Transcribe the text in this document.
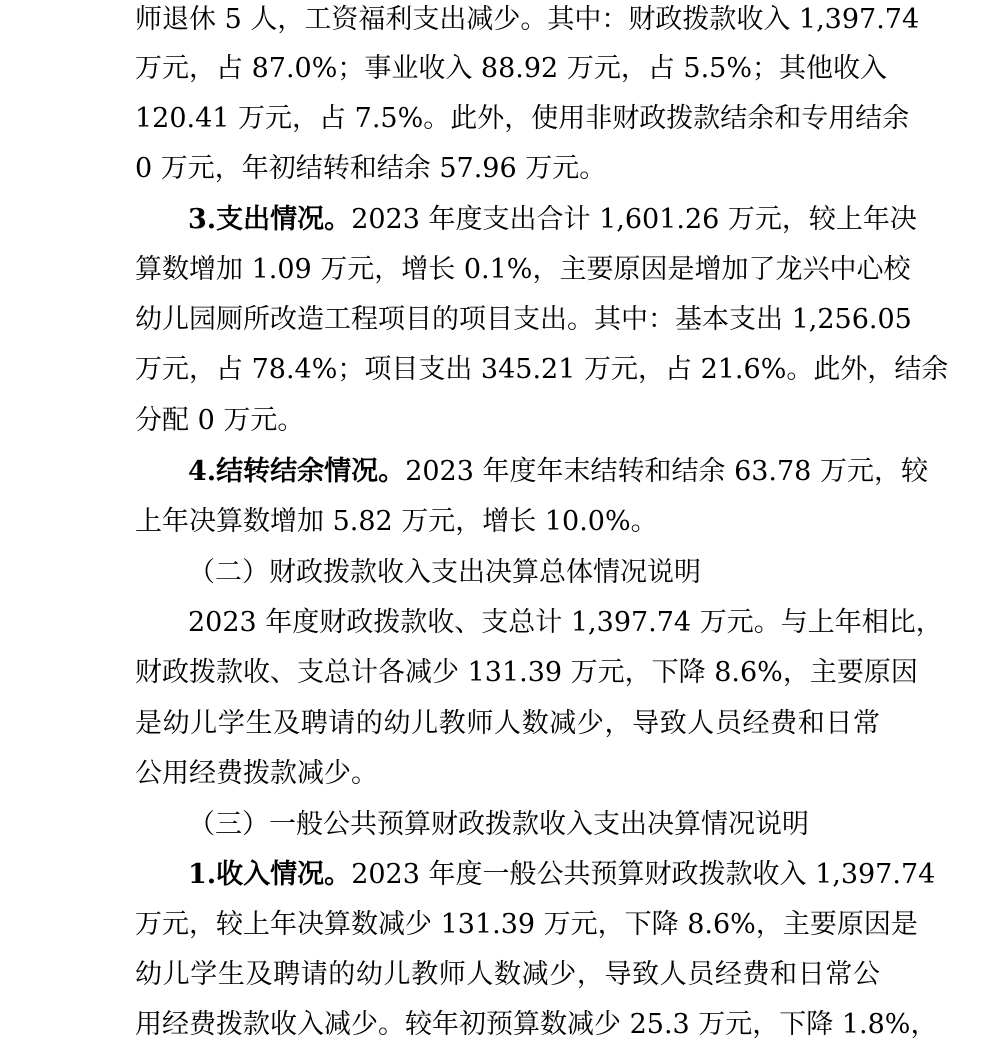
师退休 5 人，工资福利支出减少。其中：财政拨款收入 1,397.74
万元，占 87.0%；事业收入 88.92 万元，占 5.5%；其他收入
120.41 万元，占 7.5%。此外，使用非财政拨款结余和专用结余
0 万元，年初结转和结余 57.96 万元。
3.支出情况。2023 年度支出合计 1,601.26 万元，较上年决
算数增加 1.09 万元，增长 0.1%，主要原因是增加了龙兴中心校
幼儿园厕所改造工程项目的项目支出。其中：基本支出 1,256.05
万元，占 78.4%；项目支出 345.21 万元，占 21.6%。此外，结余
分配 0 万元。
4.结转结余情况。2023 年度年末结转和结余 63.78 万元，较
上年决算数增加 5.82 万元，增长 10.0%。
（二）财政拨款收入支出决算总体情况说明
2023 年度财政拨款收、支总计 1,397.74 万元。与上年相比，
财政拨款收、支总计各减少 131.39 万元，下降 8.6%，主要原因
是幼儿学生及聘请的幼儿教师人数减少，导致人员经费和日常
公用经费拨款减少。
（三）一般公共预算财政拨款收入支出决算情况说明
1.收入情况。2023 年度一般公共预算财政拨款收入 1,397.74
万元，较上年决算数减少 131.39 万元，下降 8.6%，主要原因是
幼儿学生及聘请的幼儿教师人数减少，导致人员经费和日常公
用经费拨款收入减少。较年初预算数减少 25.3 万元，下降 1.8%，
